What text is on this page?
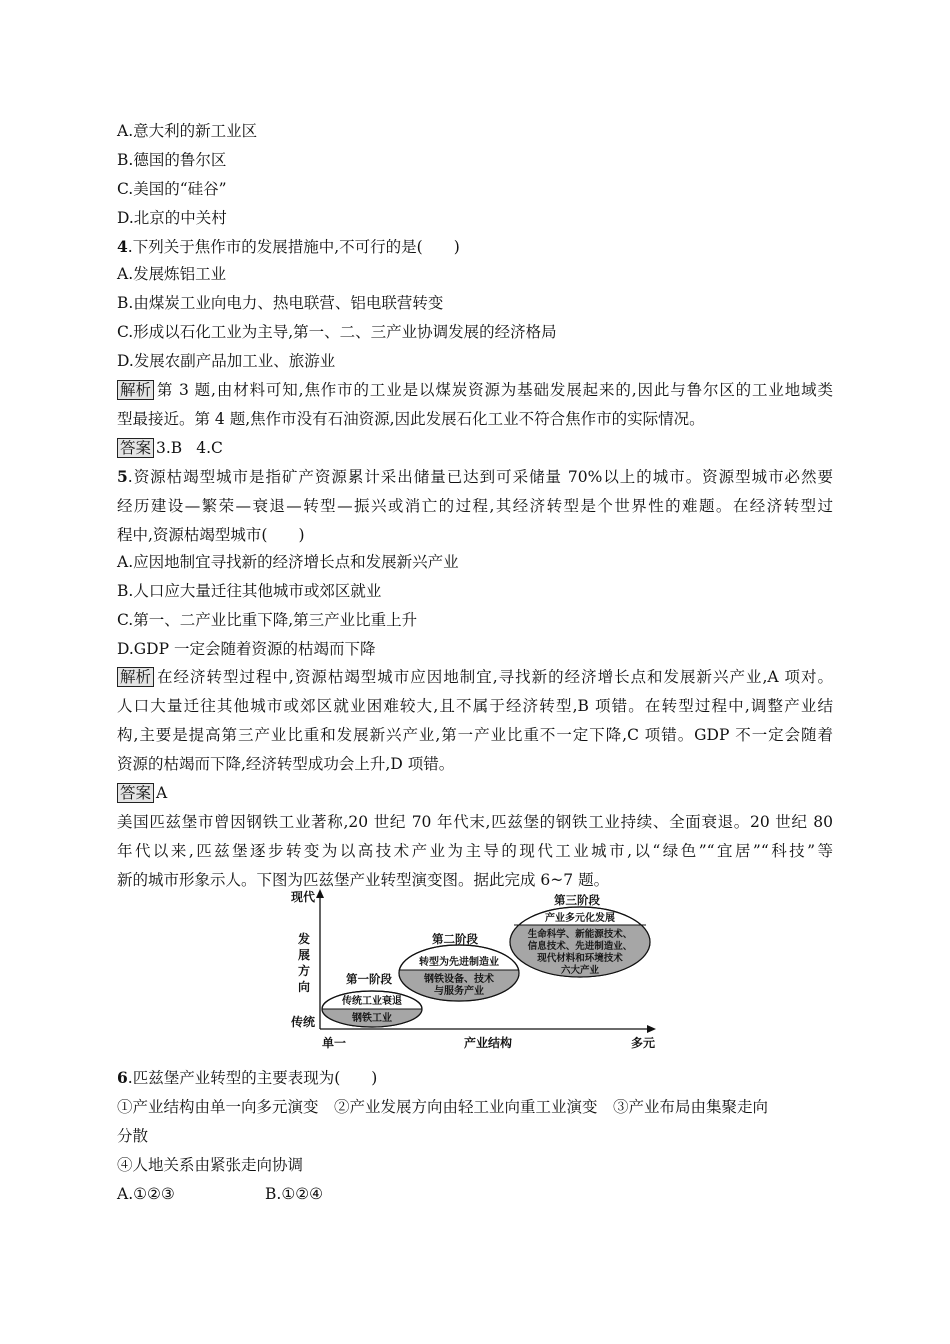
A.意大利的新工业区
B.德国的鲁尔区
C.美国的“硅谷”
D.北京的中关村
4.下列关于焦作市的发展措施中,不可行的是(　　)
A.发展炼铝工业
B.由煤炭工业向电力、热电联营、铝电联营转变
C.形成以石化工业为主导,第一、二、三产业协调发展的经济格局
D.发展农副产品加工业、旅游业
解析 第 3 题,由材料可知,焦作市的工业是以煤炭资源为基础发展起来的,因此与鲁尔区的工业地域类
型最接近。第 4 题,焦作市没有石油资源,因此发展石化工业不符合焦作市的实际情况。
答案 3.B 4.C
5.资源枯竭型城市是指矿产资源累计采出储量已达到可采储量 70%以上的城市。资源型城市必然要
经历建设—繁荣—衰退—转型—振兴或消亡的过程,其经济转型是个世界性的难题。在经济转型过
程中,资源枯竭型城市(　　)
A.应因地制宜寻找新的经济增长点和发展新兴产业
B.人口应大量迁往其他城市或郊区就业
C.第一、二产业比重下降,第三产业比重上升
D.GDP 一定会随着资源的枯竭而下降
解析 在经济转型过程中,资源枯竭型城市应因地制宜,寻找新的经济增长点和发展新兴产业,A 项对。
人口大量迁往其他城市或郊区就业困难较大,且不属于经济转型,B 项错。在转型过程中,调整产业结
构,主要是提高第三产业比重和发展新兴产业,第一产业比重不一定下降,C 项错。GDP 不一定会随着
资源的枯竭而下降,经济转型成功会上升,D 项错。
答案 A
美国匹兹堡市曾因钢铁工业著称,20 世纪 70 年代末,匹兹堡的钢铁工业持续、全面衰退。20 世纪 80
年代以来,匹兹堡逐步转变为以高技术产业为主导的现代工业城市,以“绿色”“宜居”“科技”等
新的城市形象示人。下图为匹兹堡产业转型演变图。据此完成 6~7 题。
现代
发
展
方
向
传统
单一	产业结构	多元
第一阶段
传统工业衰退
钢铁工业
第二阶段
转型为先进制造业
钢铁设备、技术
与服务产业
第三阶段
产业多元化发展
生命科学、新能源技术、
信息技术、先进制造业、
现代材料和环境技术
六大产业
6.匹兹堡产业转型的主要表现为(　　)
①产业结构由单一向多元演变　②产业发展方向由轻工业向重工业演变　③产业布局由集聚走向
分散
④人地关系由紧张走向协调
A.①②③	B.①②④
